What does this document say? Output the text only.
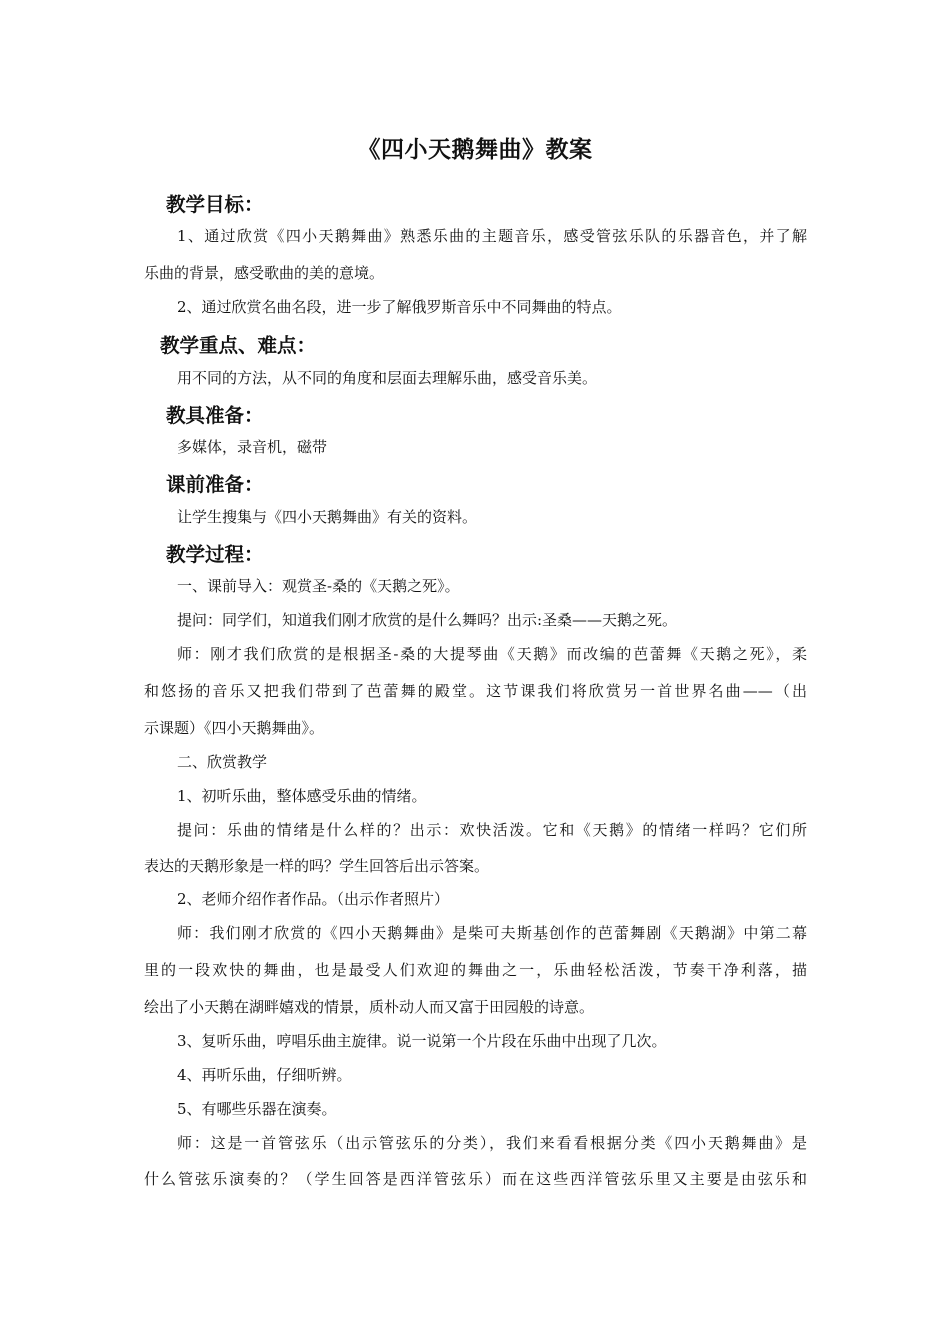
《四小天鹅舞曲》教案
教学目标：
1、通过欣赏《四小天鹅舞曲》熟悉乐曲的主题音乐，感受管弦乐队的乐器音色，并了解
乐曲的背景，感受歌曲的美的意境。
2、通过欣赏名曲名段，进一步了解俄罗斯音乐中不同舞曲的特点。
教学重点、难点：
用不同的方法，从不同的角度和层面去理解乐曲，感受音乐美。
教具准备：
多媒体，录音机，磁带
课前准备：
让学生搜集与《四小天鹅舞曲》有关的资料。
教学过程：
一、课前导入：观赏圣-桑的《天鹅之死》。
提问：同学们，知道我们刚才欣赏的是什么舞吗？出示:圣桑——天鹅之死。
师：刚才我们欣赏的是根据圣-桑的大提琴曲《天鹅》而改编的芭蕾舞《天鹅之死》，柔
和悠扬的音乐又把我们带到了芭蕾舞的殿堂。这节课我们将欣赏另一首世界名曲——（出
示课题）《四小天鹅舞曲》。
二、欣赏教学
1、初听乐曲，整体感受乐曲的情绪。
提问：乐曲的情绪是什么样的？出示：欢快活泼。它和《天鹅》的情绪一样吗？它们所
表达的天鹅形象是一样的吗？学生回答后出示答案。
2、老师介绍作者作品。（出示作者照片）
师：我们刚才欣赏的《四小天鹅舞曲》是柴可夫斯基创作的芭蕾舞剧《天鹅湖》中第二幕
里的一段欢快的舞曲，也是最受人们欢迎的舞曲之一，乐曲轻松活泼，节奏干净利落，描
绘出了小天鹅在湖畔嬉戏的情景，质朴动人而又富于田园般的诗意。
3、复听乐曲，哼唱乐曲主旋律。说一说第一个片段在乐曲中出现了几次。
4、再听乐曲，仔细听辨。
5、有哪些乐器在演奏。
师：这是一首管弦乐（出示管弦乐的分类），我们来看看根据分类《四小天鹅舞曲》是
什么管弦乐演奏的？（学生回答是西洋管弦乐）而在这些西洋管弦乐里又主要是由弦乐和
